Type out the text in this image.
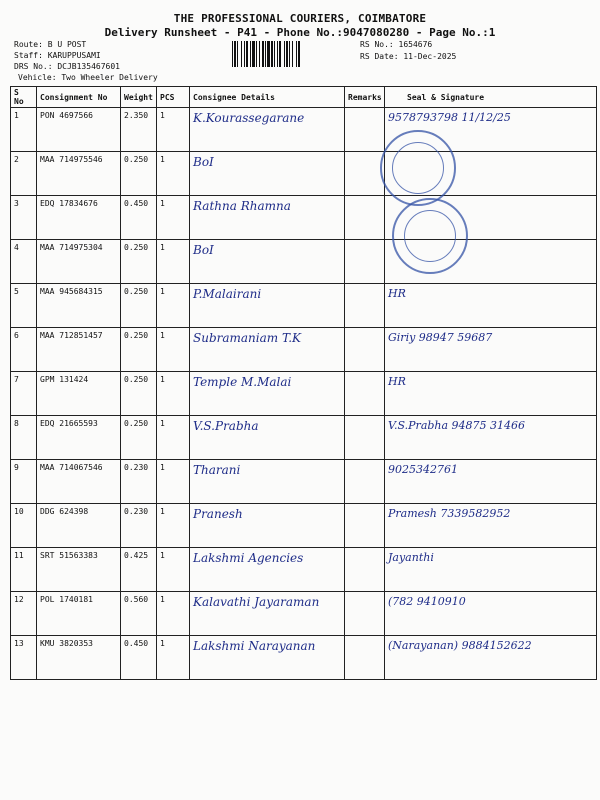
THE PROFESSIONAL COURIERS, COIMBATORE
Delivery Runsheet - P41 - Phone No.:9047080280 - Page No.:1
Route: B U POST
Staff: KARUPPUSAMI
DRS No.: DCJB135467601
Vehicle: Two Wheeler Delivery
RS No.: 1654676
RS Date: 11-Dec-2025
S No	Consignment No	Weight	PCS	Consignee Details	Remarks	Seal & Signature
1	PON 4697566	2.350	1	K.Kourassegarane		9578793798 11/12/25
2	MAA 714975546	0.250	1	BoI		
3	EDQ 17834676	0.450	1	Rathna Rhamna		
4	MAA 714975304	0.250	1	BoI		
5	MAA 945684315	0.250	1	P.Malairani		HR
6	MAA 712851457	0.250	1	Subramaniam T.K		Giriy 98947 59687
7	GPM 131424	0.250	1	Temple M.Malai		HR
8	EDQ 21665593	0.250	1	V.S.Prabha		V.S.Prabha 94875 31466
9	MAA 714067546	0.230	1	Tharani		9025342761
10	DDG 624398	0.230	1	Pranesh		Pramesh 7339582952
11	SRT 51563383	0.425	1	Lakshmi Agencies		Jayanthi
12	POL 1740181	0.560	1	Kalavathi Jayaraman		(782 9410910
13	KMU 3820353	0.450	1	Lakshmi Narayanan		(Narayanan) 9884152622
